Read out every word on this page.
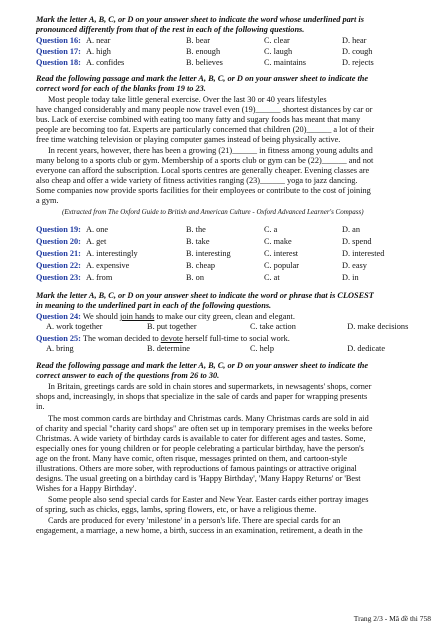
Mark the letter A, B, C, or D on your answer sheet to indicate the word whose underlined part is
pronounced differently from that of the rest in each of the following questions.
Question 16: A. near	B. bear	C. clear	D. hear
Question 17: A. high	B. enough	C. laugh	D. cough
Question 18: A. confides	B. believes	C. maintains	D. rejects
Read the following passage and mark the letter A, B, C, or D on your answer sheet to indicate the
correct word for each of the blanks from 19 to 23.
Most people today take little general exercise. Over the last 30 or 40 years lifestyles
have changed considerably and many people now travel even (19)______ shortest distances by car or
bus. Lack of exercise combined with eating too many fatty and sugary foods has meant that many
people are becoming too fat. Experts are particularly concerned that children (20)______ a lot of their
free time watching television or playing computer games instead of being physically active.
In recent years, however, there has been a growing (21)______ in fitness among young adults and
many belong to a sports club or gym. Membership of a sports club or gym can be (22)______ and not
everyone can afford the subscription. Local sports centres are generally cheaper. Evening classes are
also cheap and offer a wide variety of fitness activities ranging (23)______ yoga to jazz dancing.
Some companies now provide sports facilities for their employees or contribute to the cost of joining
a gym.
(Extracted from The Oxford Guide to British and American Culture - Oxford Advanced Learner's Compass)
Question 19: A. one	B. the	C. a	D. an
Question 20: A. get	B. take	C. make	D. spend
Question 21: A. interestingly	B. interesting	C. interest	D. interested
Question 22: A. expensive	B. cheap	C. popular	D. easy
Question 23: A. from	B. on	C. at	D. in
Mark the letter A, B, C, or D on your answer sheet to indicate the word or phrase that is CLOSEST
in meaning to the underlined part in each of the following questions.
Question 24: We should join hands to make our city green, clean and elegant.
A. work together	B. put together	C. take action	D. make decisions
Question 25: The woman decided to devote herself full-time to social work.
A. bring	B. determine	C. help	D. dedicate
Read the following passage and mark the letter A, B, C, or D on your answer sheet to indicate the
correct answer to each of the questions from 26 to 30.
In Britain, greetings cards are sold in chain stores and supermarkets, in newsagents' shops, corner
shops and, increasingly, in shops that specialize in the sale of cards and paper for wrapping presents
in.
The most common cards are birthday and Christmas cards. Many Christmas cards are sold in aid
of charity and special "charity card shops" are often set up in temporary premises in the weeks before
Christmas. A wide variety of birthday cards is available to cater for different ages and tastes. Some,
especially ones for young children or for people celebrating a particular birthday, have the person's
age on the front. Many have comic, often risque, messages printed on them, and cartoon-style
illustrations. Others are more sober, with reproductions of famous paintings or attractive original
designs. The usual greeting on a birthday card is 'Happy Birthday', 'Many Happy Returns' or 'Best
Wishes for a Happy Birthday'.
Some people also send special cards for Easter and New Year. Easter cards either portray images
of spring, such as chicks, eggs, lambs, spring flowers, etc, or have a religious theme.
Cards are produced for every 'milestone' in a person's life. There are special cards for an
engagement, a marriage, a new home, a birth, success in an examination, retirement, a death in the
Trang 2/3 - Mã đề thi 758
